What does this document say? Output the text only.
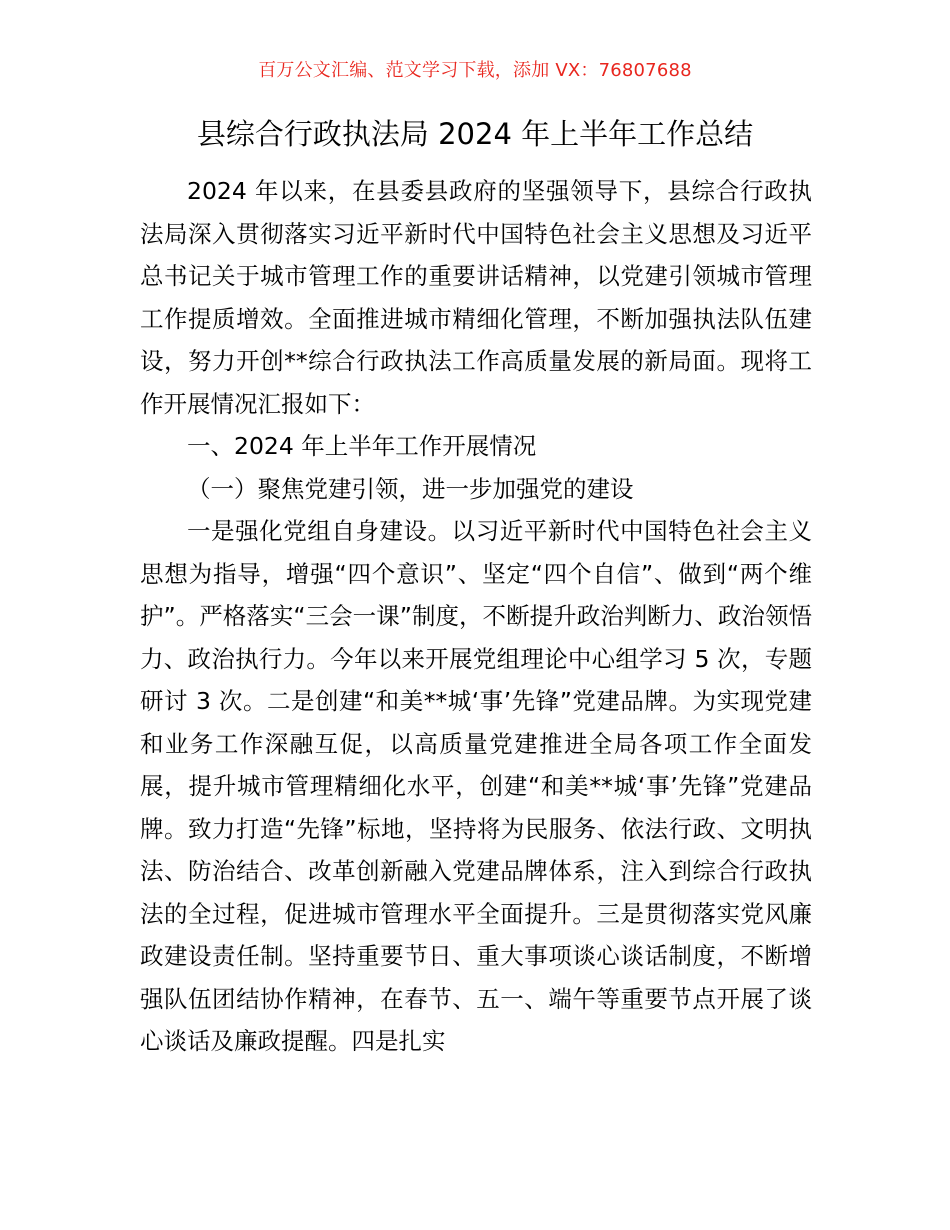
百万公文汇编、范文学习下载，添加 VX：76807688
县综合行政执法局 2024 年上半年工作总结

2024 年以来，在县委县政府的坚强领导下，县综合行政执法局深入贯彻落实习近平新时代中国特色社会主义思想及习近平总书记关于城市管理工作的重要讲话精神，以党建引领城市管理工作提质增效。全面推进城市精细化管理，不断加强执法队伍建设，努力开创**综合行政执法工作高质量发展的新局面。现将工作开展情况汇报如下：

一、2024 年上半年工作开展情况

（一）聚焦党建引领，进一步加强党的建设

一是强化党组自身建设。以习近平新时代中国特色社会主义思想为指导，增强“四个意识”、坚定“四个自信”、做到“两个维护”。严格落实“三会一课”制度，不断提升政治判断力、政治领悟力、政治执行力。今年以来开展党组理论中心组学习 5 次，专题研讨 3 次。二是创建“和美**城‘事’先锋”党建品牌。为实现党建和业务工作深融互促，以高质量党建推进全局各项工作全面发展，提升城市管理精细化水平，创建“和美**城‘事’先锋”党建品牌。致力打造“先锋”标地，坚持将为民服务、依法行政、文明执法、防治结合、改革创新融入党建品牌体系，注入到综合行政执法的全过程，促进城市管理水平全面提升。三是贯彻落实党风廉政建设责任制。坚持重要节日、重大事项谈心谈话制度，不断增强队伍团结协作精神，在春节、五一、端午等重要节点开展了谈心谈话及廉政提醒。四是扎实
